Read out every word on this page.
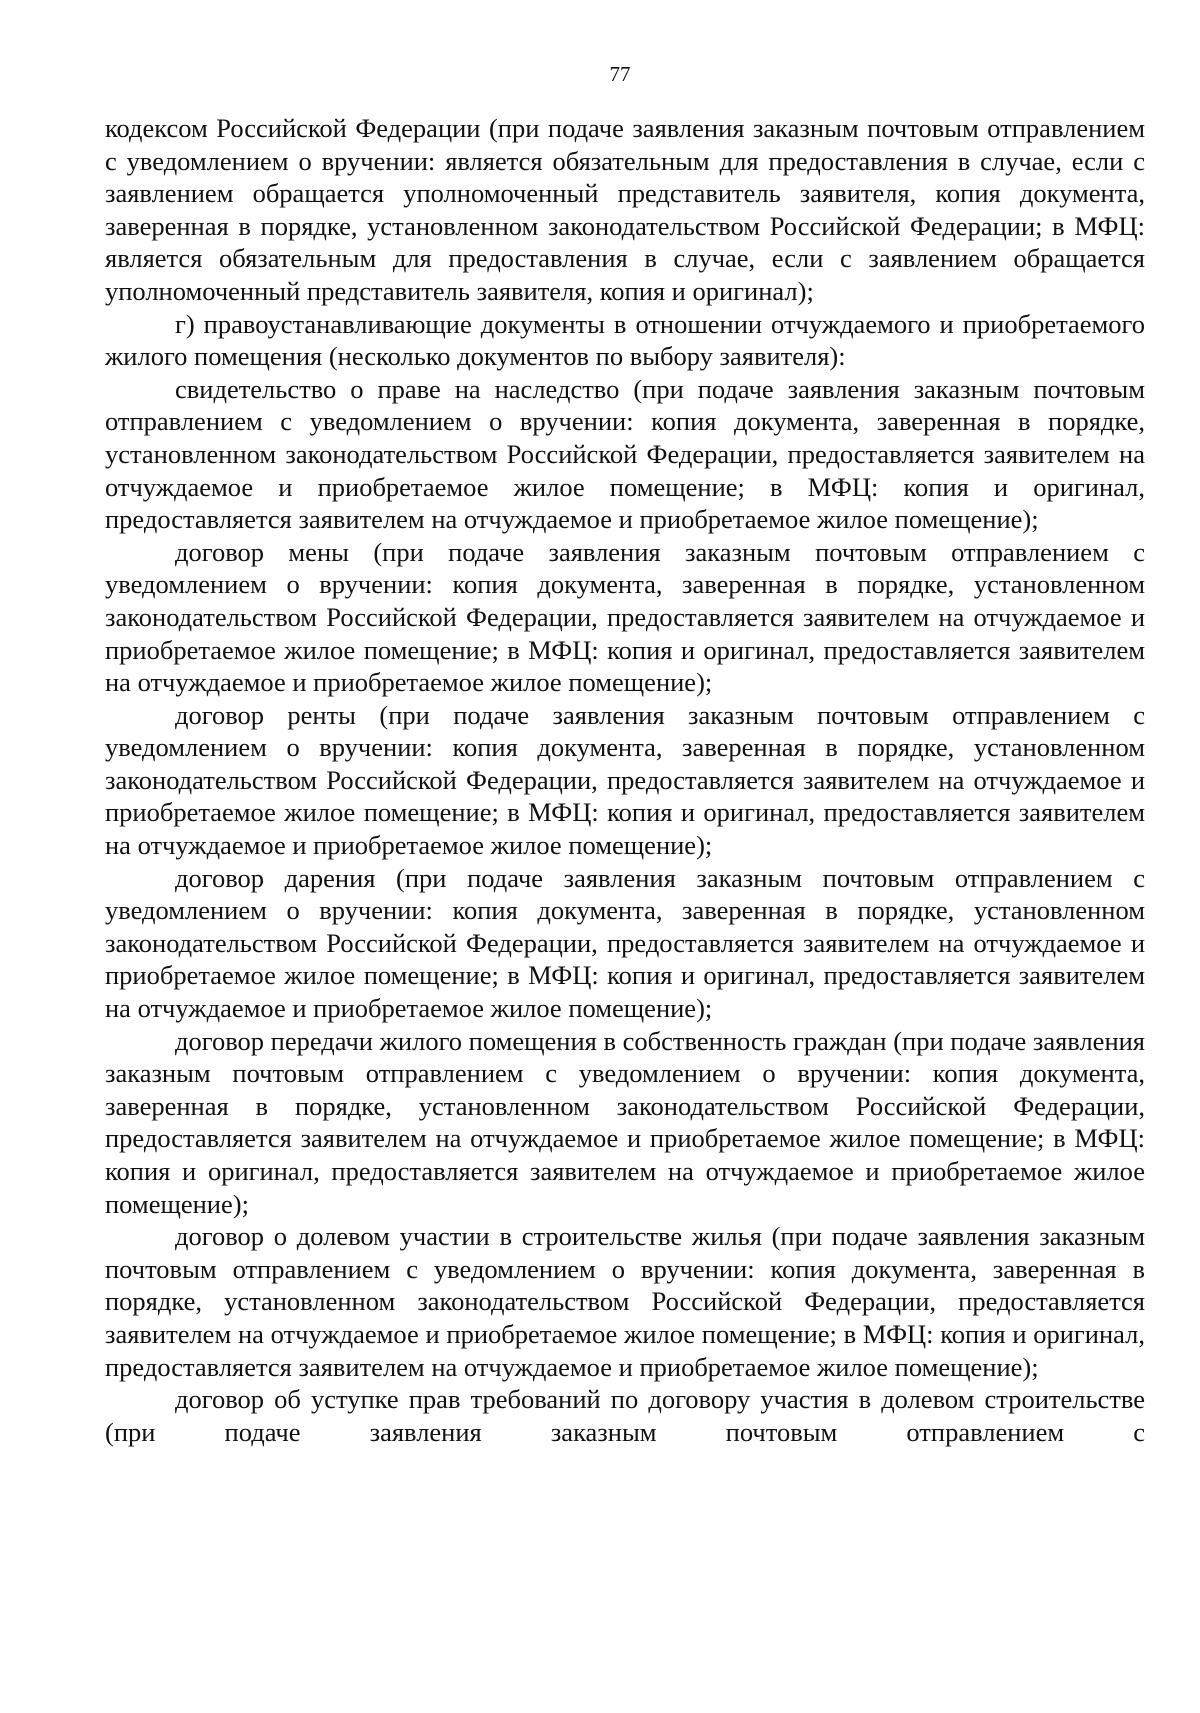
77

кодексом Российской Федерации (при подаче заявления заказным почтовым отправлением с уведомлением о вручении: является обязательным для предоставления в случае, если с заявлением обращается уполномоченный представитель заявителя, копия документа, заверенная в порядке, установленном законодательством Российской Федерации; в МФЦ: является обязательным для предоставления в случае, если с заявлением обращается уполномоченный представитель заявителя, копия и оригинал);

г) правоустанавливающие документы в отношении отчуждаемого и приобретаемого жилого помещения (несколько документов по выбору заявителя):

свидетельство о праве на наследство (при подаче заявления заказным почтовым отправлением с уведомлением о вручении: копия документа, заверенная в порядке, установленном законодательством Российской Федерации, предоставляется заявителем на отчуждаемое и приобретаемое жилое помещение; в МФЦ: копия и оригинал, предоставляется заявителем на отчуждаемое и приобретаемое жилое помещение);

договор мены (при подаче заявления заказным почтовым отправлением с уведомлением о вручении: копия документа, заверенная в порядке, установленном законодательством Российской Федерации, предоставляется заявителем на отчуждаемое и приобретаемое жилое помещение; в МФЦ: копия и оригинал, предоставляется заявителем на отчуждаемое и приобретаемое жилое помещение);

договор ренты (при подаче заявления заказным почтовым отправлением с уведомлением о вручении: копия документа, заверенная в порядке, установленном законодательством Российской Федерации, предоставляется заявителем на отчуждаемое и приобретаемое жилое помещение; в МФЦ: копия и оригинал, предоставляется заявителем на отчуждаемое и приобретаемое жилое помещение);

договор дарения (при подаче заявления заказным почтовым отправлением с уведомлением о вручении: копия документа, заверенная в порядке, установленном законодательством Российской Федерации, предоставляется заявителем на отчуждаемое и приобретаемое жилое помещение; в МФЦ: копия и оригинал, предоставляется заявителем на отчуждаемое и приобретаемое жилое помещение);

договор передачи жилого помещения в собственность граждан (при подаче заявления заказным почтовым отправлением с уведомлением о вручении: копия документа, заверенная в порядке, установленном законодательством Российской Федерации, предоставляется заявителем на отчуждаемое и приобретаемое жилое помещение; в МФЦ: копия и оригинал, предоставляется заявителем на отчуждаемое и приобретаемое жилое помещение);

договор о долевом участии в строительстве жилья (при подаче заявления заказным почтовым отправлением с уведомлением о вручении: копия документа, заверенная в порядке, установленном законодательством Российской Федерации, предоставляется заявителем на отчуждаемое и приобретаемое жилое помещение; в МФЦ: копия и оригинал, предоставляется заявителем на отчуждаемое и приобретаемое жилое помещение);

договор об уступке прав требований по договору участия в долевом строительстве (при подаче заявления заказным почтовым отправлением с
